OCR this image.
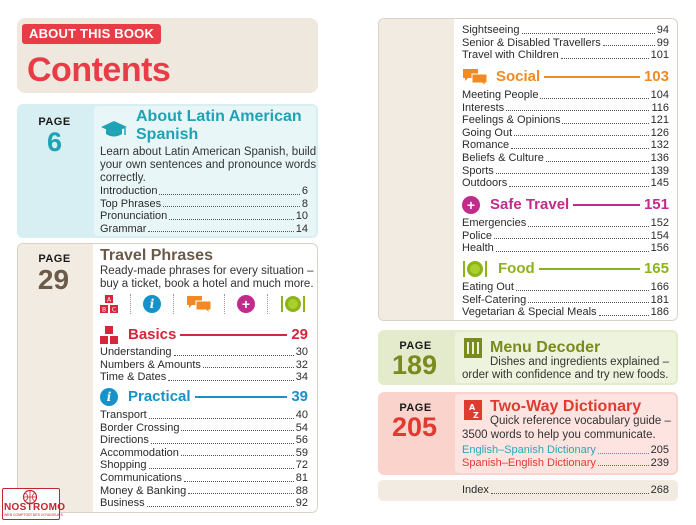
ABOUT THIS BOOK
Contents
PAGE
6
About Latin American
Spanish
Learn about Latin American Spanish, build
your own sentences and pronounce words
correctly.
Introduction	6
Top Phrases	8
Pronunciation	10
Grammar	14
PAGE
29
Travel Phrases
Ready-made phrases for every situation –
buy a ticket, book a hotel and much more.
A
B C	i	+
Basics	29
Understanding	30
Numbers & Amounts	32
Time & Dates	34
i	Practical	39
Transport	40
Border Crossing	54
Directions	56
Accommodation	59
Shopping	72
Communications	81
Money & Banking	88
Business	92
NOSTROMO
WEB COMPTOIR DES VOYAGEURS
Sightseeing	94
Senior & Disabled Travellers	99
Travel with Children	101
Social	103
Meeting People	104
Interests	116
Feelings & Opinions	121
Going Out	126
Romance	132
Beliefs & Culture	136
Sports	139
Outdoors	145
+ Safe Travel	151
Emergencies	152
Police	154
Health	156
Food	165
Eating Out	166
Self-Catering	181
Vegetarian & Special Meals	186
PAGE
189
Menu Decoder
Dishes and ingredients explained –
order with confidence and try new foods.
PAGE
205
A
Z
Two-Way Dictionary
Quick reference vocabulary guide –
3500 words to help you communicate.
English–Spanish Dictionary	205
Spanish–English Dictionary	239
Index	268
